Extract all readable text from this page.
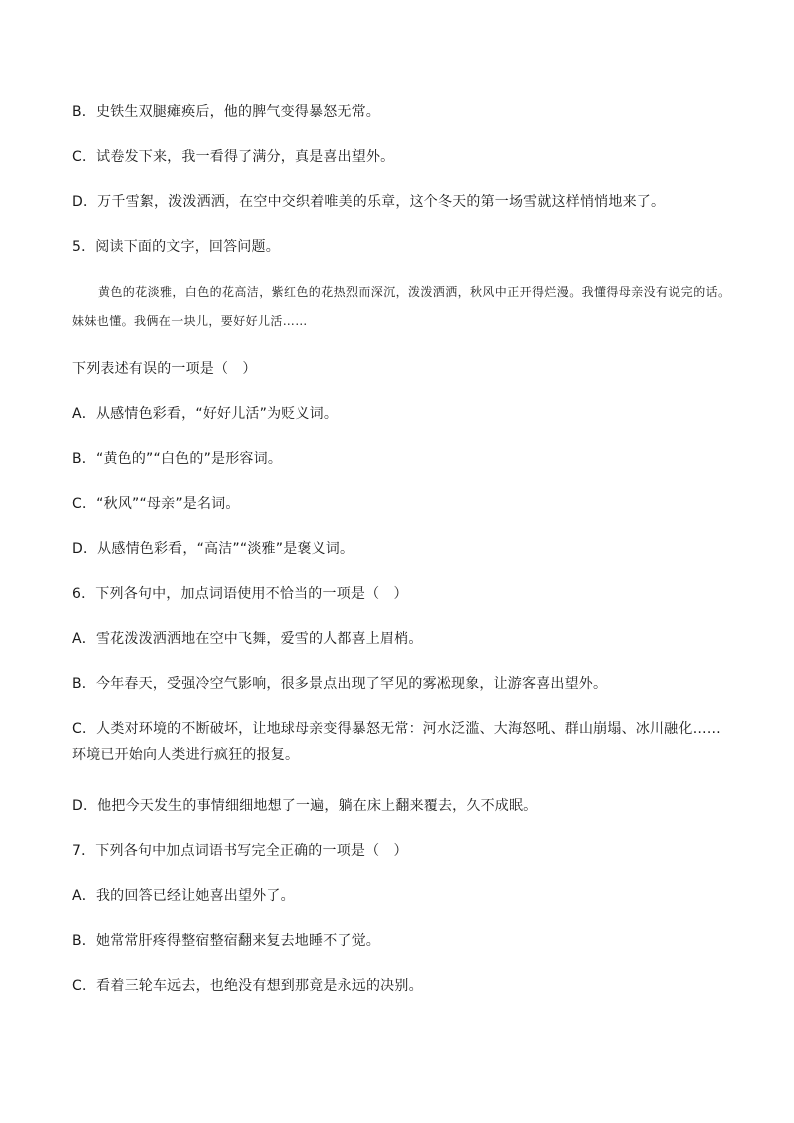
B．史铁生双腿瘫痪后，他的脾气变得暴怒无常。
C．试卷发下来，我一看得了满分，真是喜出望外。
D．万千雪絮，泼泼洒洒，在空中交织着唯美的乐章，这个冬天的第一场雪就这样悄悄地来了。
5．阅读下面的文字，回答问题。
黄色的花淡雅，白色的花高洁，紫红色的花热烈而深沉，泼泼洒洒，秋风中正开得烂漫。我懂得母亲没有说完的话。妹妹也懂。我俩在一块儿，要好好儿活……
下列表述有误的一项是（　）
A．从感情色彩看，“好好儿活”为贬义词。
B．“黄色的”“白色的”是形容词。
C．“秋风”“母亲”是名词。
D．从感情色彩看，“高洁”“淡雅”是褒义词。
6．下列各句中，加点词语使用不恰当的一项是（　）
A．雪花泼泼洒洒地在空中飞舞，爱雪的人都喜上眉梢。
B．今年春天，受强冷空气影响，很多景点出现了罕见的雾凇现象，让游客喜出望外。
C．人类对环境的不断破坏，让地球母亲变得暴怒无常：河水泛滥、大海怒吼、群山崩塌、冰川融化……环境已开始向人类进行疯狂的报复。
D．他把今天发生的事情细细地想了一遍，躺在床上翻来覆去，久不成眠。
7．下列各句中加点词语书写完全正确的一项是（　）
A．我的回答已经让她喜出望外了。
B．她常常肝疼得整宿整宿翻来复去地睡不了觉。
C．看着三轮车远去，也绝没有想到那竟是永远的决别。
